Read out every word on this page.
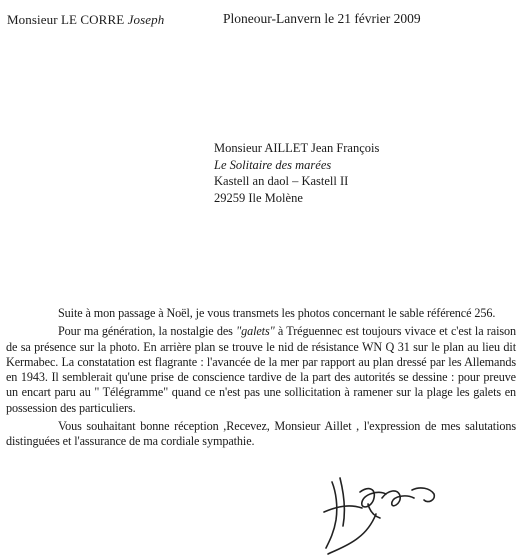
Monsieur LE CORRE Joseph	Ploneour-Lanvern le 21 février 2009
Monsieur AILLET Jean François
Le Solitaire des marées
Kastell an daol – Kastell II
29259 Ile Molène

Suite à mon passage à Noël, je vous transmets les photos concernant le sable référencé 256.

Pour ma génération, la nostalgie des "galets" à Tréguennec est toujours vivace et c'est la raison de sa présence sur la photo. En arrière plan se trouve le nid de résistance WN Q 31 sur le plan au lieu dit Kermabec. La constatation est flagrante : l'avancée de la mer par rapport au plan dressé par les Allemands en 1943. Il semblerait qu'une prise de conscience tardive de la part des autorités se dessine : pour preuve un encart paru au " Télégramme" quand ce n'est pas une sollicitation à ramener sur la plage les galets en possession des particuliers.

Vous souhaitant bonne réception ,Recevez, Monsieur Aillet , l'expression de mes salutations distinguées et l'assurance de ma cordiale sympathie.
